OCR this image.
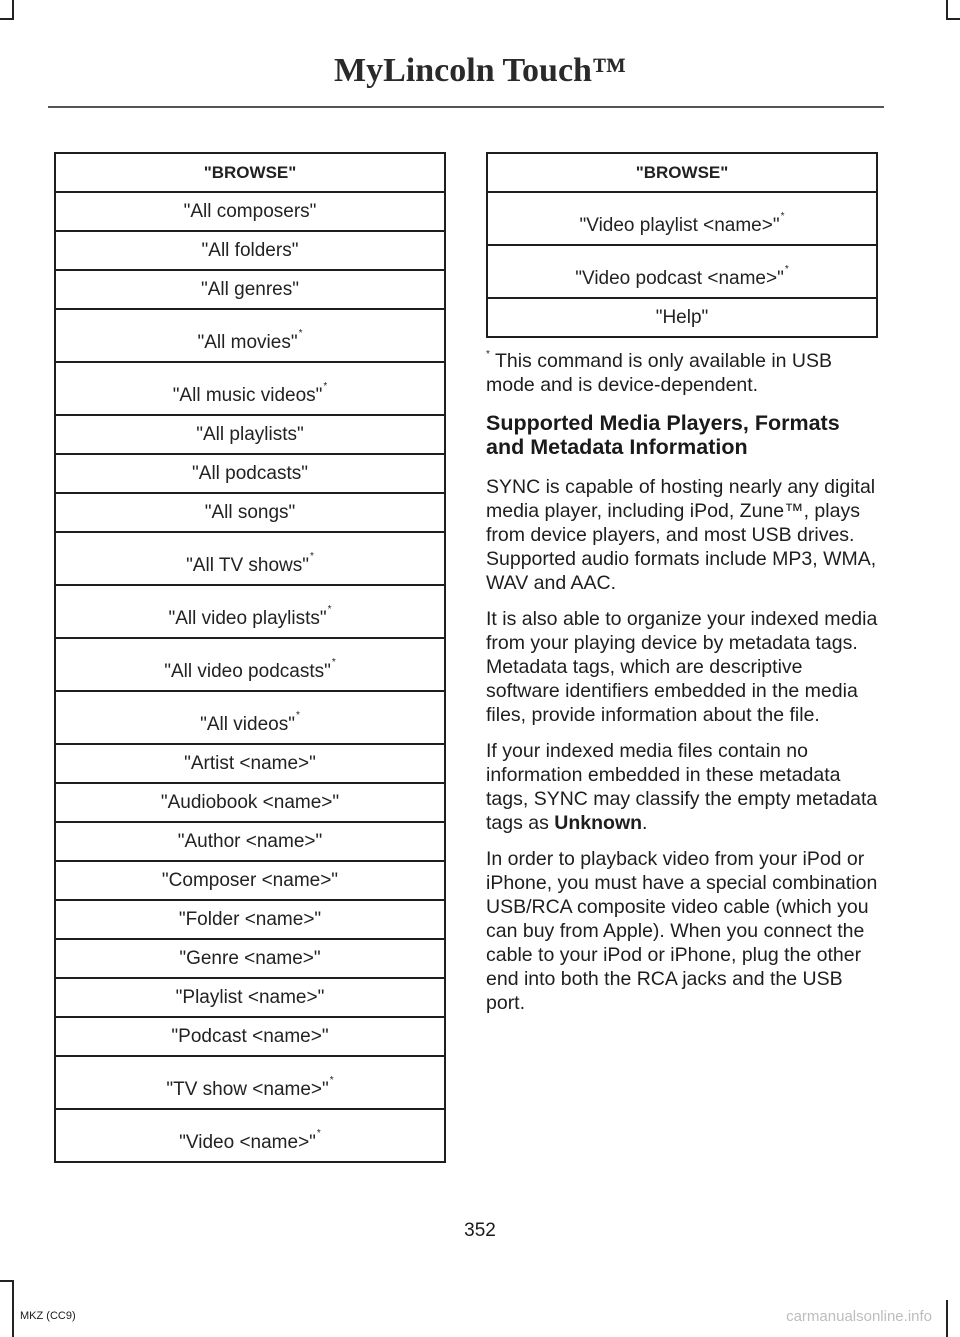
MyLincoln Touch™
"BROWSE"
"All composers"
"All folders"
"All genres"
"All movies"*
"All music videos"*
"All playlists"
"All podcasts"
"All songs"
"All TV shows"*
"All video playlists"*
"All video podcasts"*
"All videos"*
"Artist <name>"
"Audiobook <name>"
"Author <name>"
"Composer <name>"
"Folder <name>"
"Genre <name>"
"Playlist <name>"
"Podcast <name>"
"TV show <name>"*
"Video <name>"*
"BROWSE"
"Video playlist <name>"*
"Video podcast <name>"*
"Help"

* This command is only available in USB mode and is device-dependent.

Supported Media Players, Formats and Metadata Information

SYNC is capable of hosting nearly any digital media player, including iPod, Zune™, plays from device players, and most USB drives. Supported audio formats include MP3, WMA, WAV and AAC.

It is also able to organize your indexed media from your playing device by metadata tags. Metadata tags, which are descriptive software identifiers embedded in the media files, provide information about the file.

If your indexed media files contain no information embedded in these metadata tags, SYNC may classify the empty metadata tags as Unknown.

In order to playback video from your iPod or iPhone, you must have a special combination USB/RCA composite video cable (which you can buy from Apple). When you connect the cable to your iPod or iPhone, plug the other end into both the RCA jacks and the USB port.

352
MKZ (CC9)	carmanualsonline.info
